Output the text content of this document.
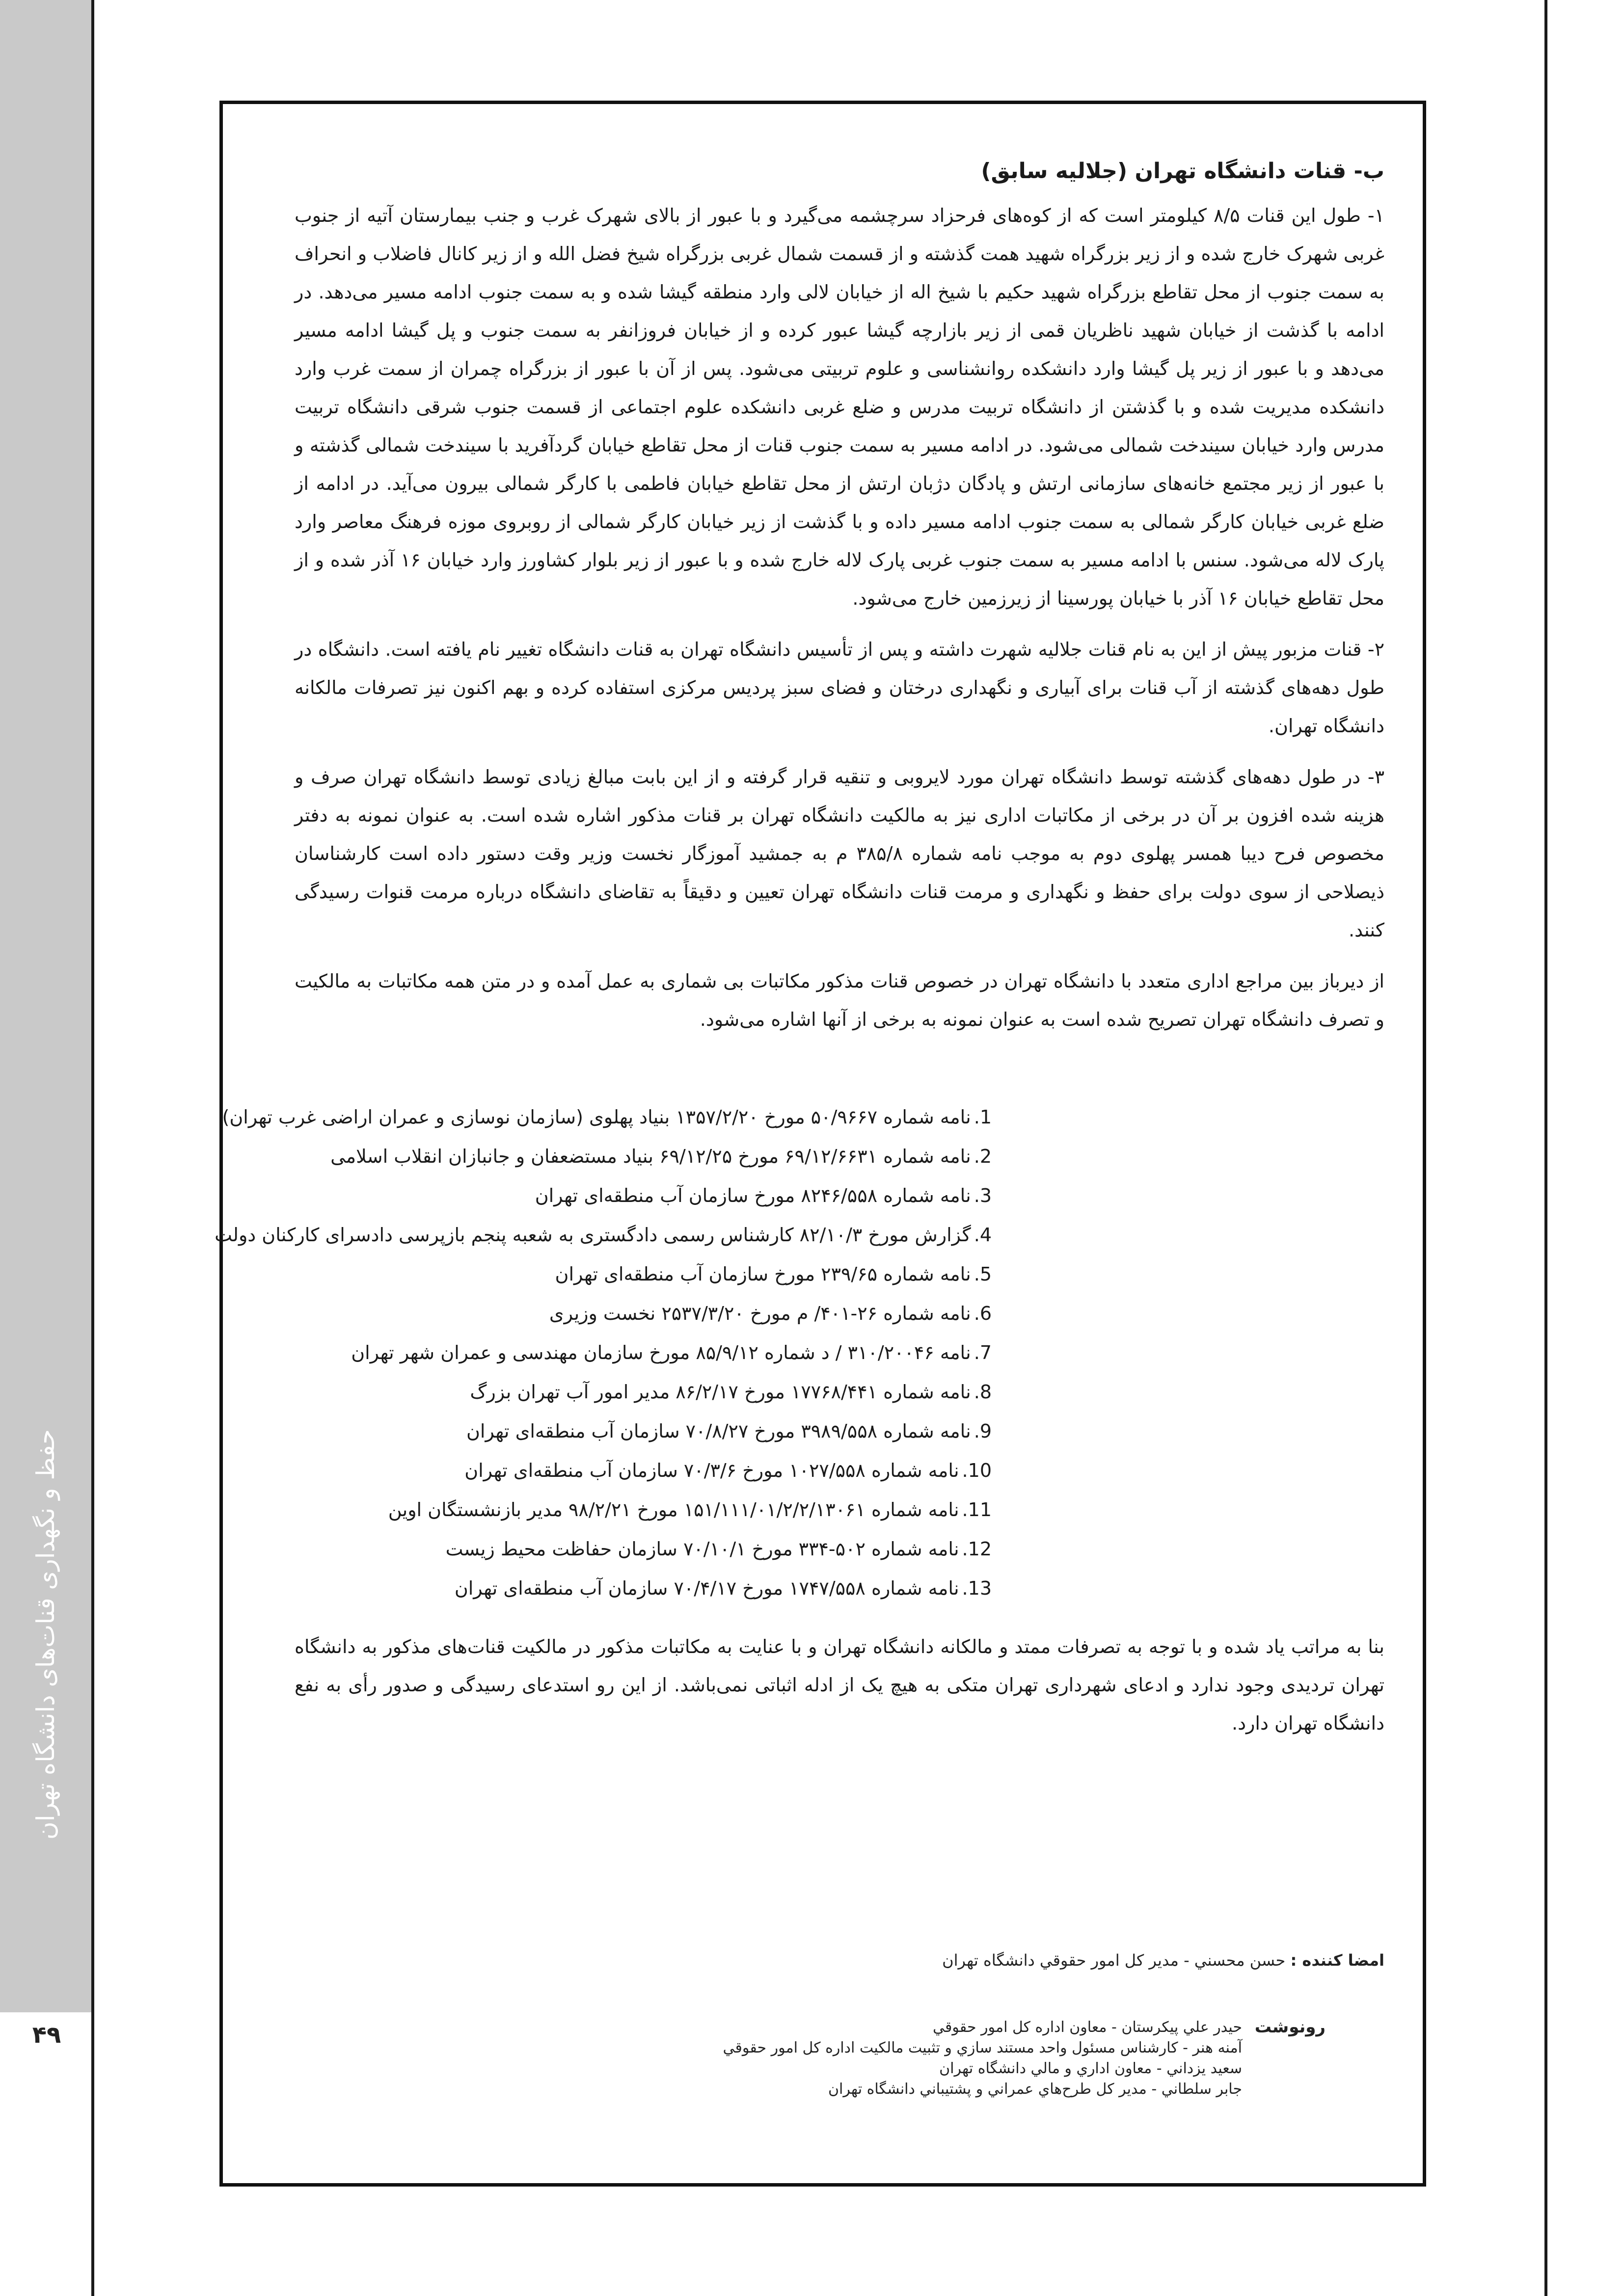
حفظ و نگهداری قنات‌های دانشگاه تهران
۴۹

ب- قنات دانشگاه تهران (جلالیه سابق)

۱- طول این قنات ۸/۵ کیلومتر است که از کوه‌های فرحزاد سرچشمه می‌گیرد و با عبور از بالای شهرک غرب و جنب بیمارستان آتیه از جنوب غربی شهرک خارج شده و از زیر بزرگراه شهید همت گذشته و از قسمت شمال غربی بزرگراه شیخ فضل الله و از زیر کانال فاضلاب و انحراف به سمت جنوب از محل تقاطع بزرگراه شهید حکیم با شیخ اله از خیابان لالی وارد منطقه گیشا شده و به سمت جنوب ادامه مسیر می‌دهد. در ادامه با گذشت از خیابان شهید ناظریان قمی از زیر بازارچه گیشا عبور کرده و از خیابان فروزانفر به سمت جنوب و پل گیشا ادامه مسیر می‌دهد و با عبور از زیر پل گیشا وارد دانشکده روانشناسی و علوم تربیتی می‌شود. پس از آن با عبور از بزرگراه چمران از سمت غرب وارد دانشکده مدیریت شده و با گذشتن از دانشگاه تربیت مدرس و ضلع غربی دانشکده علوم اجتماعی از قسمت جنوب شرقی دانشگاه تربیت مدرس وارد خیابان سیندخت شمالی می‌شود. در ادامه مسیر به سمت جنوب قنات از محل تقاطع خیابان گردآفرید با سیندخت شمالی گذشته و با عبور از زیر مجتمع خانه‌های سازمانی ارتش و پادگان دژبان ارتش از محل تقاطع خیابان فاطمی با کارگر شمالی بیرون می‌آید. در ادامه از ضلع غربی خیابان کارگر شمالی به سمت جنوب ادامه مسیر داده و با گذشت از زیر خیابان کارگر شمالی از روبروی موزه فرهنگ معاصر وارد پارک لاله می‌شود. سنس با ادامه مسیر به سمت جنوب غربی پارک لاله خارج شده و با عبور از زیر بلوار کشاورز وارد خیابان ۱۶ آذر شده و از محل تقاطع خیابان ۱۶ آذر با خیابان پورسینا از زیرزمین خارج می‌شود.

۲- قنات مزبور پیش از این به نام قنات جلالیه شهرت داشته و پس از تأسیس دانشگاه تهران به قنات دانشگاه تغییر نام یافته است. دانشگاه در طول دهه‌های گذشته از آب قنات برای آبیاری و نگهداری درختان و فضای سبز پردیس مرکزی استفاده کرده و بهم اکنون نیز تصرفات مالکانه دانشگاه تهران.

۳- در طول دهه‌های گذشته توسط دانشگاه تهران مورد لایروبی و تنقیه قرار گرفته و از این بابت مبالغ زیادی توسط دانشگاه تهران صرف و هزینه شده افزون بر آن در برخی از مکاتبات اداری نیز به مالکیت دانشگاه تهران بر قنات مذکور اشاره شده است. به عنوان نمونه به دفتر مخصوص فرح دیبا همسر پهلوی دوم به موجب نامه شماره ۳۸۵/۸ م به جمشید آموزگار نخست وزیر وقت دستور داده است کارشناسان ذیصلاحی از سوی دولت برای حفظ و نگهداری و مرمت قنات دانشگاه تهران تعیین و دقیقاً به تقاضای دانشگاه درباره مرمت قنوات رسیدگی کنند.

از دیرباز بین مراجع اداری متعدد با دانشگاه تهران در خصوص قنات مذکور مکاتبات بی شماری به عمل آمده و در متن همه مکاتبات به مالکیت و تصرف دانشگاه تهران تصریح شده است به عنوان نمونه به برخی از آنها اشاره می‌شود.

1.نامه شماره ۵۰/۹۶۶۷ مورخ ۱۳۵۷/۲/۲۰ بنیاد پهلوی (سازمان نوسازی و عمران اراضی غرب تهران)
2.نامه شماره ۶۹/۱۲/۶۶۳۱ مورخ ۶۹/۱۲/۲۵ بنیاد مستضعفان و جانبازان انقلاب اسلامی
3.نامه شماره ۸۲۴۶/۵۵۸ مورخ سازمان آب منطقه‌ای تهران
4.گزارش مورخ ۸۲/۱۰/۳ کارشناس رسمی دادگستری به شعبه پنجم بازپرسی دادسرای کارکنان دولت
5.نامه شماره ۲۳۹/۶۵ مورخ سازمان آب منطقه‌ای تهران
6.نامه شماره ۲۶-۴۰۱/ م مورخ ۲۵۳۷/۳/۲۰ نخست وزیری
7.نامه ۳۱۰/۲۰۰۴۶ / د شماره ۸۵/۹/۱۲ مورخ سازمان مهندسی و عمران شهر تهران
8.نامه شماره ۱۷۷۶۸/۴۴۱ مورخ ۸۶/۲/۱۷ مدیر امور آب تهران بزرگ
9.نامه شماره ۳۹۸۹/۵۵۸ مورخ ۷۰/۸/۲۷ سازمان آب منطقه‌ای تهران
10.نامه شماره ۱۰۲۷/۵۵۸ مورخ ۷۰/۳/۶ سازمان آب منطقه‌ای تهران
11.نامه شماره ۱۵۱/۱۱۱/۰۱/۲/۲/۱۳۰۶۱ مورخ ۹۸/۲/۲۱ مدیر بازنشستگان اوین
12.نامه شماره ۵۰۲-۳۳۴ مورخ ۷۰/۱۰/۱ سازمان حفاظت محیط زیست
13.نامه شماره ۱۷۴۷/۵۵۸ مورخ ۷۰/۴/۱۷ سازمان آب منطقه‌ای تهران

بنا به مراتب یاد شده و با توجه به تصرفات ممتد و مالکانه دانشگاه تهران و با عنایت به مکاتبات مذکور در مالکیت قنات‌های مذکور به دانشگاه تهران تردیدی وجود ندارد و ادعای شهرداری تهران متکی به هیچ یک از ادله اثباتی نمی‌باشد. از این رو استدعای رسیدگی و صدور رأی به نفع دانشگاه تهران دارد.

امضا کننده : حسن محسني - مدير كل امور حقوقي دانشگاه تهران
رونوشت
حيدر علي پيكرستان - معاون اداره كل امور حقوقي
آمنه هنر - كارشناس مسئول واحد مستند سازي و تثبيت مالكيت اداره كل امور حقوقي
سعيد يزداني - معاون اداري و مالي دانشگاه تهران
جابر سلطاني - مدير كل طرح‌هاي عمراني و پشتيباني دانشگاه تهران
